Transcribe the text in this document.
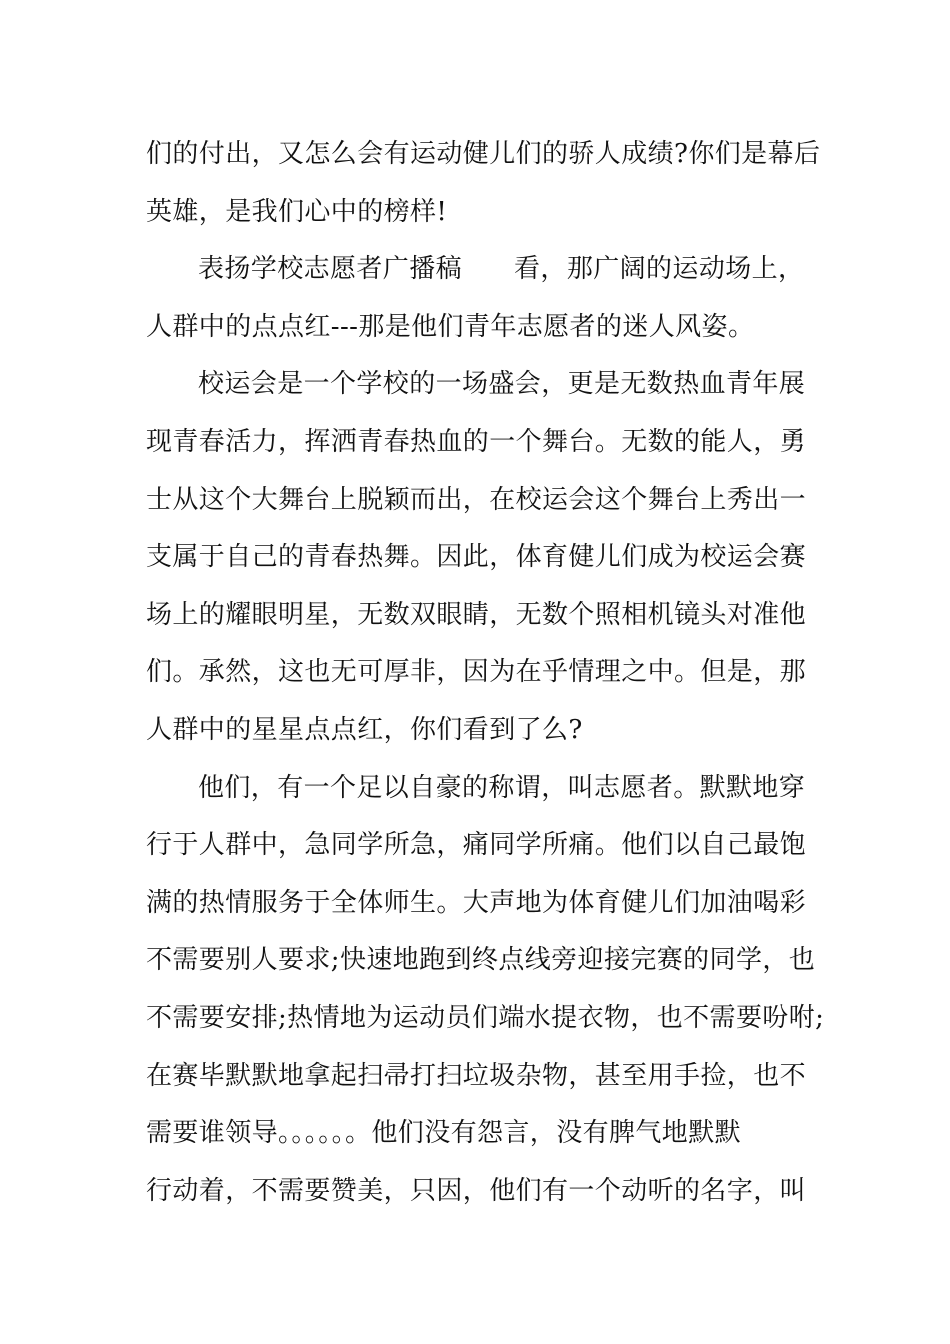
们的付出，又怎么会有运动健儿们的骄人成绩?你们是幕后
英雄，是我们心中的榜样!
表扬学校志愿者广播稿 看，那广阔的运动场上，
人群中的点点红---那是他们青年志愿者的迷人风姿。
校运会是一个学校的一场盛会，更是无数热血青年展
现青春活力，挥洒青春热血的一个舞台。无数的能人，勇
士从这个大舞台上脱颖而出，在校运会这个舞台上秀出一
支属于自己的青春热舞。因此，体育健儿们成为校运会赛
场上的耀眼明星，无数双眼睛，无数个照相机镜头对准他
们。承然，这也无可厚非，因为在乎情理之中。但是，那
人群中的星星点点红，你们看到了么?
他们，有一个足以自豪的称谓，叫志愿者。默默地穿
行于人群中，急同学所急，痛同学所痛。他们以自己最饱
满的热情服务于全体师生。大声地为体育健儿们加油喝彩
不需要别人要求;快速地跑到终点线旁迎接完赛的同学，也
不需要安排;热情地为运动员们端水提衣物，也不需要吩咐;
在赛毕默默地拿起扫帚打扫垃圾杂物，甚至用手捡，也不
需要谁领导。。。。。。他们没有怨言，没有脾气地默默
行动着，不需要赞美，只因，他们有一个动听的名字，叫
